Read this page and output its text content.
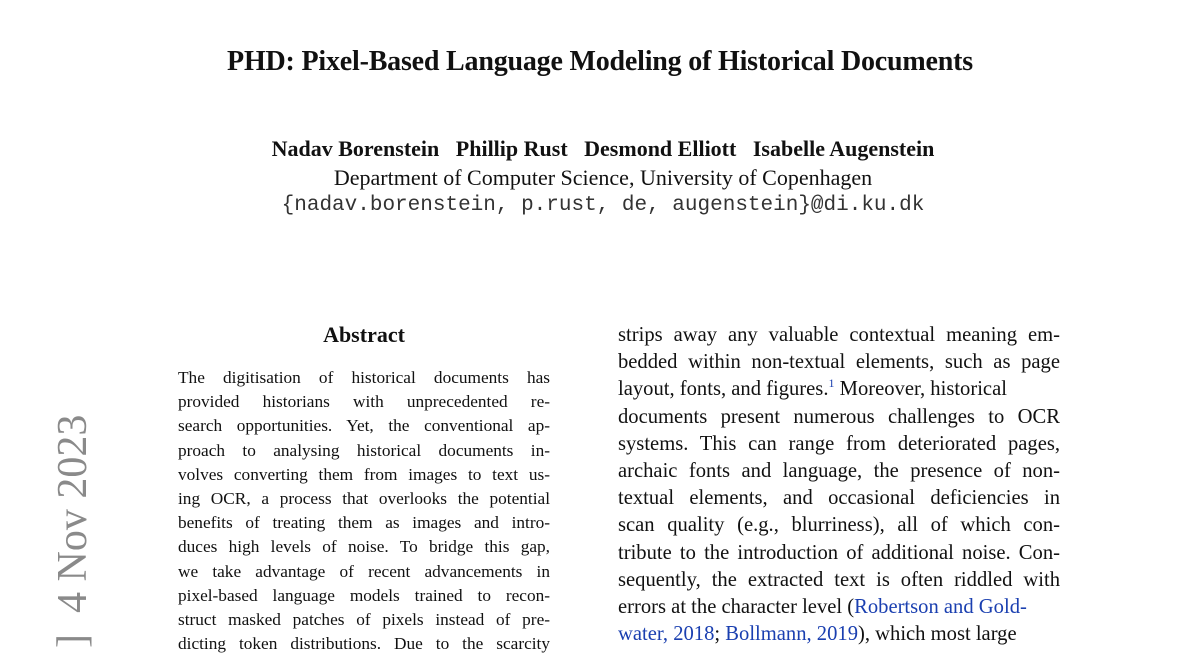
PHD: Pixel-Based Language Modeling of Historical Documents
Nadav Borenstein Phillip Rust Desmond Elliott Isabelle Augenstein
Department of Computer Science, University of Copenhagen
{nadav.borenstein, p.rust, de, augenstein}@di.ku.dk
Abstract
The digitisation of historical documents has
provided historians with unprecedented re-
search opportunities. Yet, the conventional ap-
proach to analysing historical documents in-
volves converting them from images to text us-
ing OCR, a process that overlooks the potential
benefits of treating them as images and intro-
duces high levels of noise. To bridge this gap,
we take advantage of recent advancements in
pixel-based language models trained to recon-
struct masked patches of pixels instead of pre-
dicting token distributions. Due to the scarcity
strips away any valuable contextual meaning em-
bedded within non-textual elements, such as page
layout, fonts, and figures.$^1$ Moreover, historical
documents present numerous challenges to OCR
systems. This can range from deteriorated pages,
archaic fonts and language, the presence of non-
textual elements, and occasional deficiencies in
scan quality (e.g., blurriness), all of which con-
tribute to the introduction of additional noise. Con-
sequently, the extracted text is often riddled with
errors at the character level (Robertson and Gold-
water, 2018; Bollmann, 2019), which most large
]  4 Nov 2023
